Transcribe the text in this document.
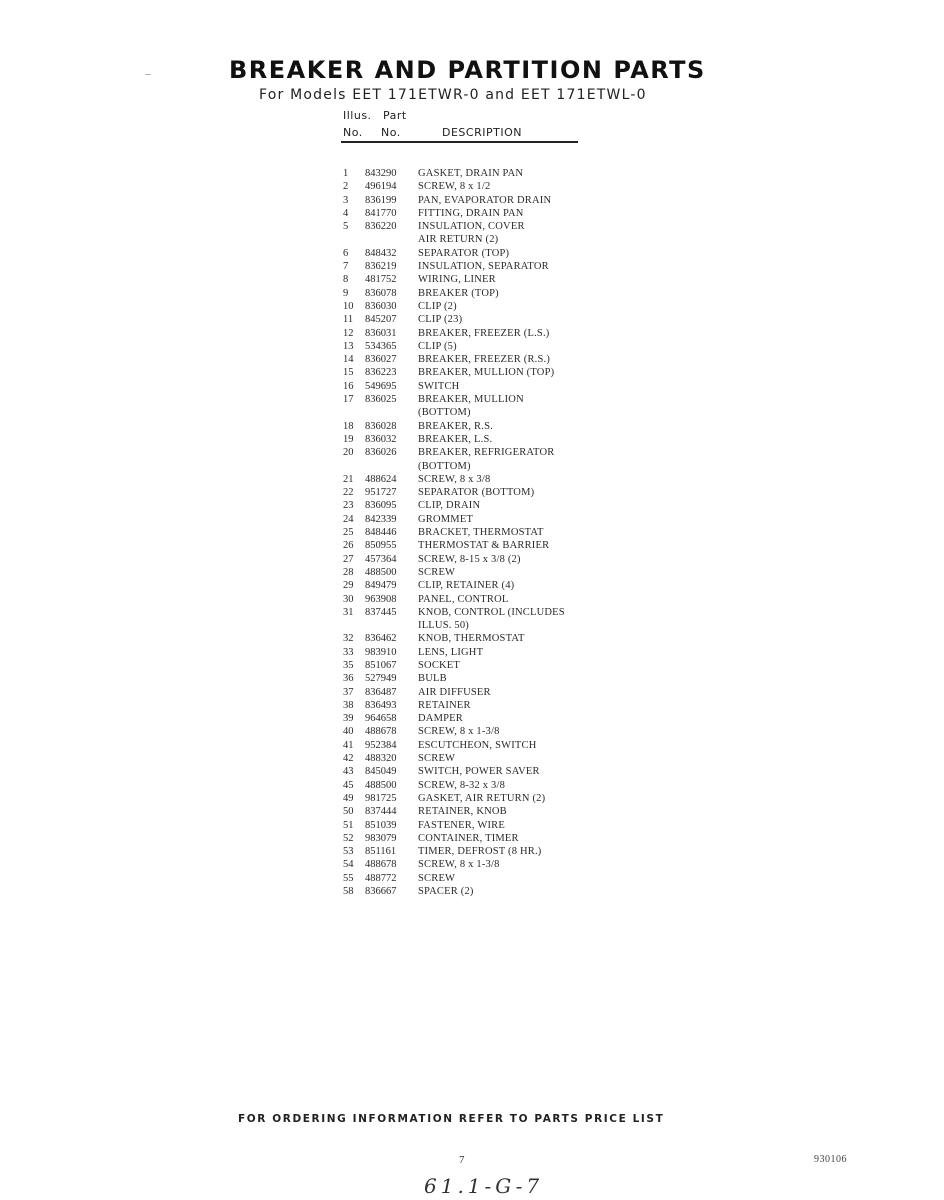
BREAKER AND PARTITION PARTS
For Models EET 171ETWR-0 and EET 171ETWL-0
Illus. Part
No. No.	DESCRIPTION
1	843290	GASKET, DRAIN PAN
2	496194	SCREW, 8 x 1/2
3	836199	PAN, EVAPORATOR DRAIN
4	841770	FITTING, DRAIN PAN
5	836220	INSULATION, COVER
AIR RETURN (2)
6	848432	SEPARATOR (TOP)
7	836219	INSULATION, SEPARATOR
8	481752	WIRING, LINER
9	836078	BREAKER (TOP)
10	836030	CLIP (2)
11	845207	CLIP (23)
12	836031	BREAKER, FREEZER (L.S.)
13	534365	CLIP (5)
14	836027	BREAKER, FREEZER (R.S.)
15	836223	BREAKER, MULLION (TOP)
16	549695	SWITCH
17	836025	BREAKER, MULLION
(BOTTOM)
18	836028	BREAKER, R.S.
19	836032	BREAKER, L.S.
20	836026	BREAKER, REFRIGERATOR
(BOTTOM)
21	488624	SCREW, 8 x 3/8
22	951727	SEPARATOR (BOTTOM)
23	836095	CLIP, DRAIN
24	842339	GROMMET
25	848446	BRACKET, THERMOSTAT
26	850955	THERMOSTAT & BARRIER
27	457364	SCREW, 8-15 x 3/8 (2)
28	488500	SCREW
29	849479	CLIP, RETAINER (4)
30	963908	PANEL, CONTROL
31	837445	KNOB, CONTROL (INCLUDES
ILLUS. 50)
32	836462	KNOB, THERMOSTAT
33	983910	LENS, LIGHT
35	851067	SOCKET
36	527949	BULB
37	836487	AIR DIFFUSER
38	836493	RETAINER
39	964658	DAMPER
40	488678	SCREW, 8 x 1-3/8
41	952384	ESCUTCHEON, SWITCH
42	488320	SCREW
43	845049	SWITCH, POWER SAVER
45	488500	SCREW, 8-32 x 3/8
49	981725	GASKET, AIR RETURN (2)
50	837444	RETAINER, KNOB
51	851039	FASTENER, WIRE
52	983079	CONTAINER, TIMER
53	851161	TIMER, DEFROST (8 HR.)
54	488678	SCREW, 8 x 1-3/8
55	488772	SCREW
58	836667	SPACER (2)
FOR ORDERING INFORMATION REFER TO PARTS PRICE LIST
7	930106
61.1-G-7
